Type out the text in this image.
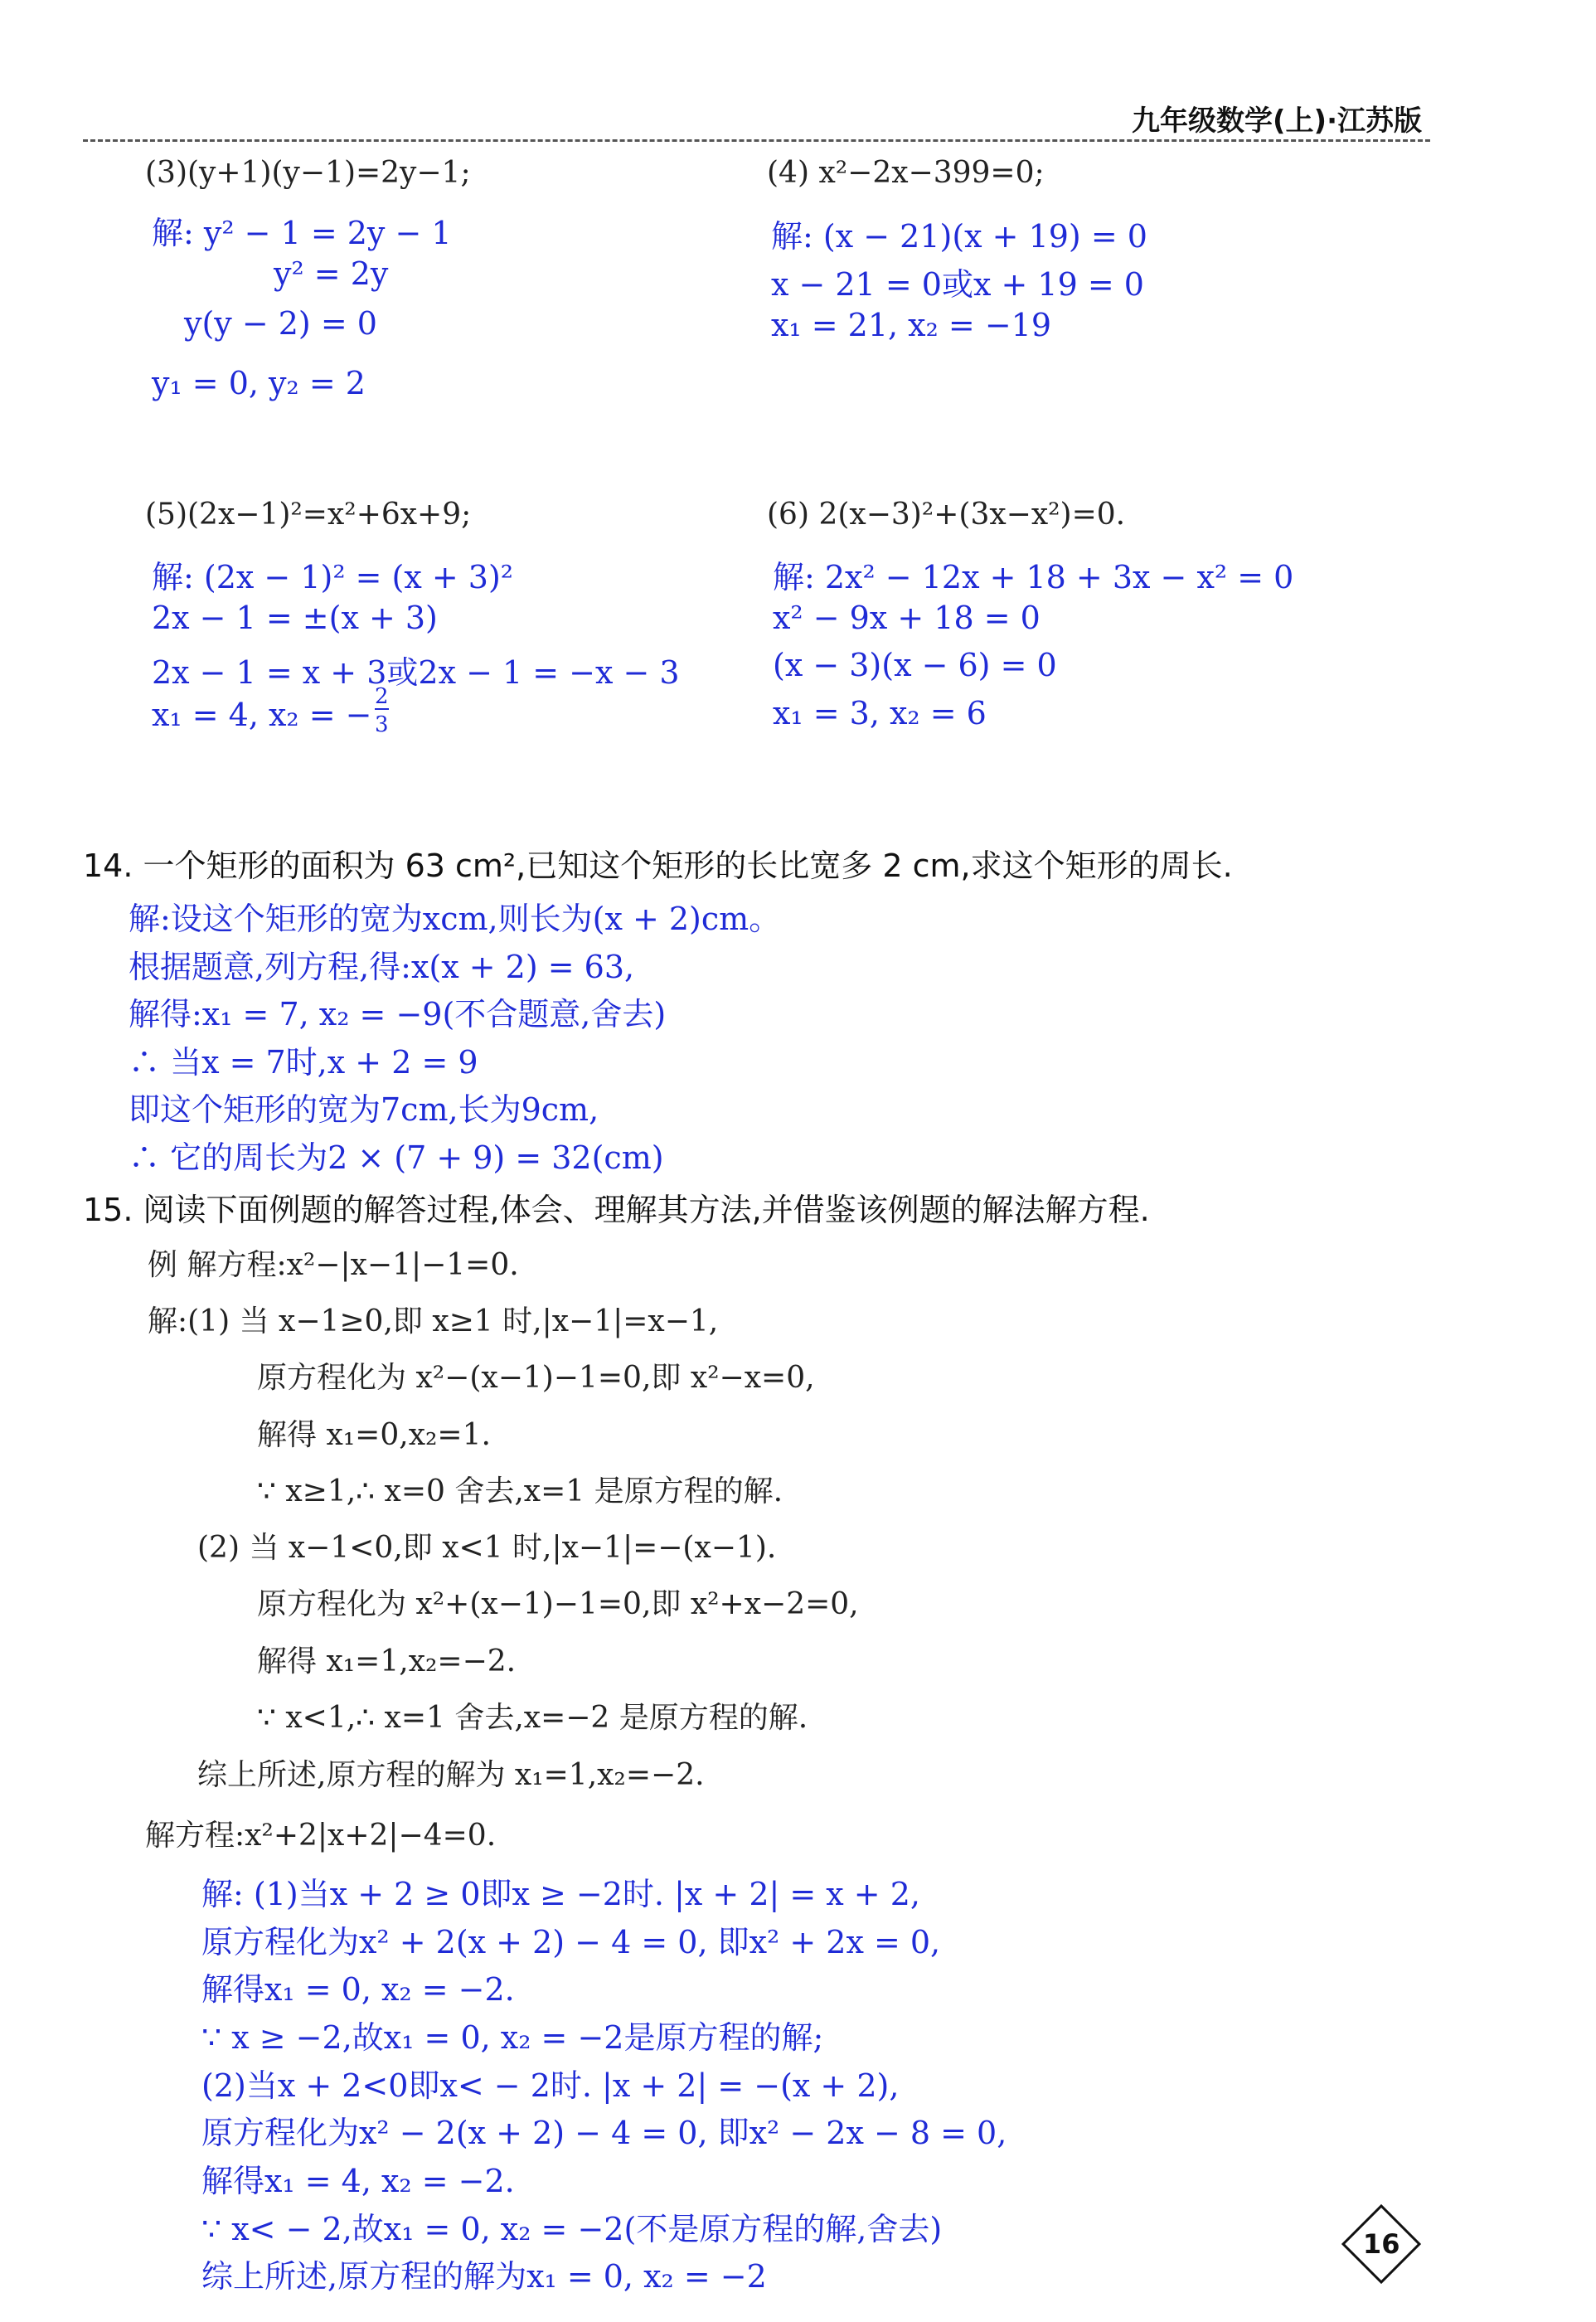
九年级数学(上)·江苏版
(3)(y+1)(y−1)=2y−1;
解: y² − 1 = 2y − 1
y² = 2y
y(y − 2) = 0
y₁ = 0, y₂ = 2
(4) x²−2x−399=0;
解: (x − 21)(x + 19) = 0
x − 21 = 0或x + 19 = 0
x₁ = 21, x₂ = −19
(5)(2x−1)²=x²+6x+9;
解: (2x − 1)² = (x + 3)²
2x − 1 = ±(x + 3)
2x − 1 = x + 3或2x − 1 = −x − 3
x₁ = 4, x₂ = − 2
3
(6) 2(x−3)²+(3x−x²)=0.
解: 2x² − 12x + 18 + 3x − x² = 0
x² − 9x + 18 = 0
(x − 3)(x − 6) = 0
x₁ = 3, x₂ = 6
14. 一个矩形的面积为 63 cm²,已知这个矩形的长比宽多 2 cm,求这个矩形的周长.
解:设这个矩形的宽为xcm,则长为(x + 2)cm。
根据题意,列方程,得:x(x + 2) = 63,
解得:x₁ = 7, x₂ = −9(不合题意,舍去)
∴ 当x = 7时,x + 2 = 9
即这个矩形的宽为7cm,长为9cm,
∴ 它的周长为2 × (7 + 9) = 32(cm)
15. 阅读下面例题的解答过程,体会、理解其方法,并借鉴该例题的解法解方程.
例 解方程:x²−|x−1|−1=0.
解:(1) 当 x−1≥0,即 x≥1 时,|x−1|=x−1,
原方程化为 x²−(x−1)−1=0,即 x²−x=0,
解得 x₁=0,x₂=1.
∵ x≥1,∴ x=0 舍去,x=1 是原方程的解.
(2) 当 x−1<0,即 x<1 时,|x−1|=−(x−1).
原方程化为 x²+(x−1)−1=0,即 x²+x−2=0,
解得 x₁=1,x₂=−2.
∵ x<1,∴ x=1 舍去,x=−2 是原方程的解.
综上所述,原方程的解为 x₁=1,x₂=−2.
解方程:x²+2|x+2|−4=0.
解: (1)当x + 2 ≥ 0即x ≥ −2时. |x + 2| = x + 2,
原方程化为x² + 2(x + 2) − 4 = 0, 即x² + 2x = 0,
解得x₁ = 0, x₂ = −2.
∵ x ≥ −2,故x₁ = 0, x₂ = −2是原方程的解;
(2)当x + 2<0即x< − 2时. |x + 2| = −(x + 2),
原方程化为x² − 2(x + 2) − 4 = 0, 即x² − 2x − 8 = 0,
解得x₁ = 4, x₂ = −2.
∵ x< − 2,故x₁ = 0, x₂ = −2(不是原方程的解,舍去)
综上所述,原方程的解为x₁ = 0, x₂ = −2
16
